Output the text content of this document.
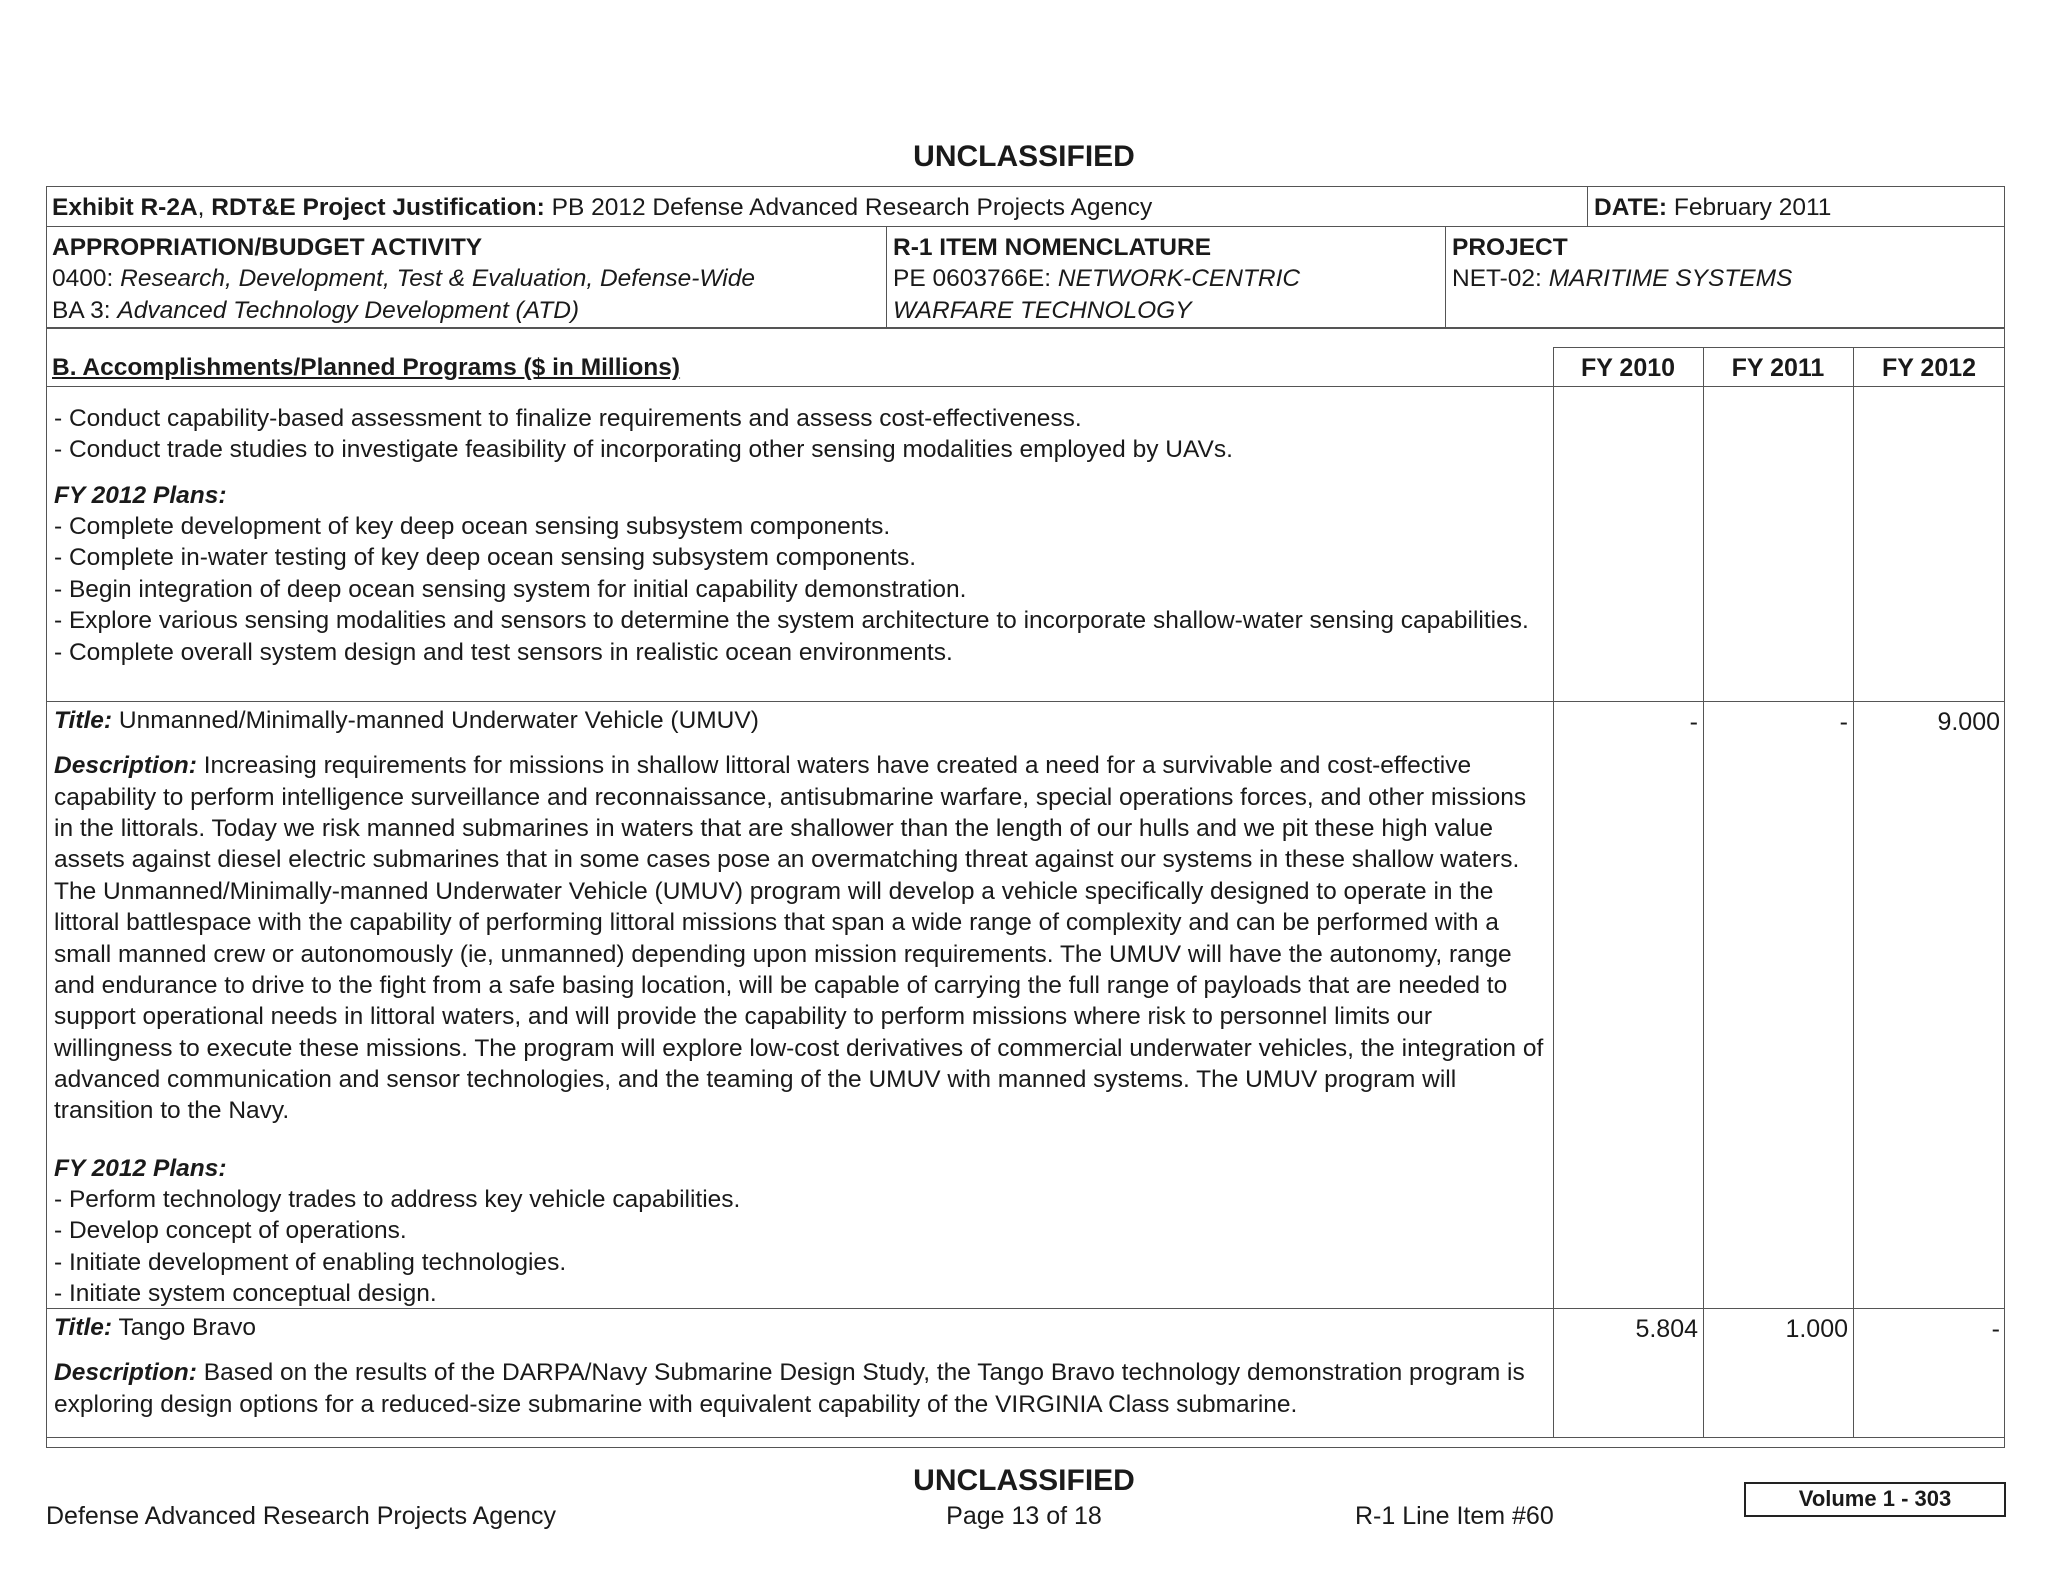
UNCLASSIFIED
Exhibit R-2A, RDT&E Project Justification: PB 2012 Defense Advanced Research Projects Agency	DATE: February 2011
APPROPRIATION/BUDGET ACTIVITY
0400: Research, Development, Test & Evaluation, Defense-Wide
BA 3: Advanced Technology Development (ATD)
R-1 ITEM NOMENCLATURE
PE 0603766E: NETWORK-CENTRIC
WARFARE TECHNOLOGY
PROJECT
NET-02: MARITIME SYSTEMS
B. Accomplishments/Planned Programs ($ in Millions)	FY 2010	FY 2011	FY 2012

- Conduct capability-based assessment to finalize requirements and assess cost-effectiveness.

- Conduct trade studies to investigate feasibility of incorporating other sensing modalities employed by UAVs.

FY 2012 Plans:

- Complete development of key deep ocean sensing subsystem components.

- Complete in-water testing of key deep ocean sensing subsystem components.

- Begin integration of deep ocean sensing system for initial capability demonstration.

- Explore various sensing modalities and sensors to determine the system architecture to incorporate shallow-water sensing capabilities.

- Complete overall system design and test sensors in realistic ocean environments.

Title: Unmanned/Minimally-manned Underwater Vehicle (UMUV)

Description: Increasing requirements for missions in shallow littoral waters have created a need for a survivable and cost-effective capability to perform intelligence surveillance and reconnaissance, antisubmarine warfare, special operations forces, and other missions in the littorals. Today we risk manned submarines in waters that are shallower than the length of our hulls and we pit these high value assets against diesel electric submarines that in some cases pose an overmatching threat against our systems in these shallow waters. The Unmanned/Minimally-manned Underwater Vehicle (UMUV) program will develop a vehicle specifically designed to operate in the littoral battlespace with the capability of performing littoral missions that span a wide range of complexity and can be performed with a small manned crew or autonomously (ie, unmanned) depending upon mission requirements. The UMUV will have the autonomy, range and endurance to drive to the fight from a safe basing location, will be capable of carrying the full range of payloads that are needed to support operational needs in littoral waters, and will provide the capability to perform missions where risk to personnel limits our willingness to execute these missions. The program will explore low-cost derivatives of commercial underwater vehicles, the integration of advanced communication and sensor technologies, and the teaming of the UMUV with manned systems. The UMUV program will transition to the Navy.

FY 2012 Plans:

- Perform technology trades to address key vehicle capabilities.

- Develop concept of operations.

- Initiate development of enabling technologies.

- Initiate system conceptual design.

-	-	9.000

Title: Tango Bravo

Description: Based on the results of the DARPA/Navy Submarine Design Study, the Tango Bravo technology demonstration program is exploring design options for a reduced-size submarine with equivalent capability of the VIRGINIA Class submarine.

5.804	1.000	-
UNCLASSIFIED
Defense Advanced Research Projects Agency	Page 13 of 18	R-1 Line Item #60
Volume 1 - 303
